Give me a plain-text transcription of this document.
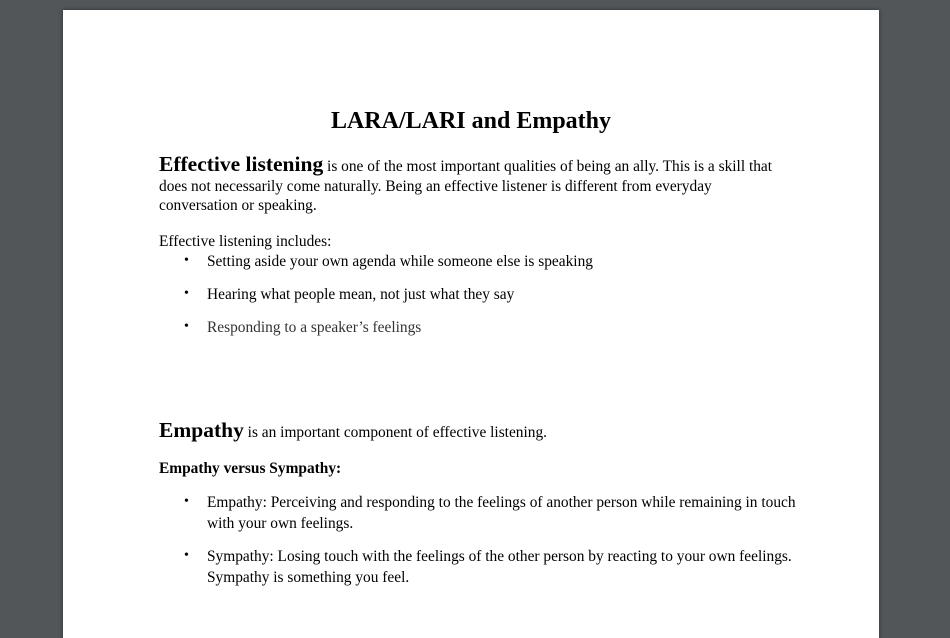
LARA/LARI and Empathy
Effective listening is one of the most important qualities of being an ally. This is a skill that does not necessarily come naturally. Being an effective listener is different from everyday conversation or speaking.
Effective listening includes:
• Setting aside your own agenda while someone else is speaking
• Hearing what people mean, not just what they say
• Responding to a speaker’s feelings
Empathy is an important component of effective listening.
Empathy versus Sympathy:
• Empathy: Perceiving and responding to the feelings of another person while remaining in touch with your own feelings.
• Sympathy: Losing touch with the feelings of the other person by reacting to your own feelings. Sympathy is something you feel.
